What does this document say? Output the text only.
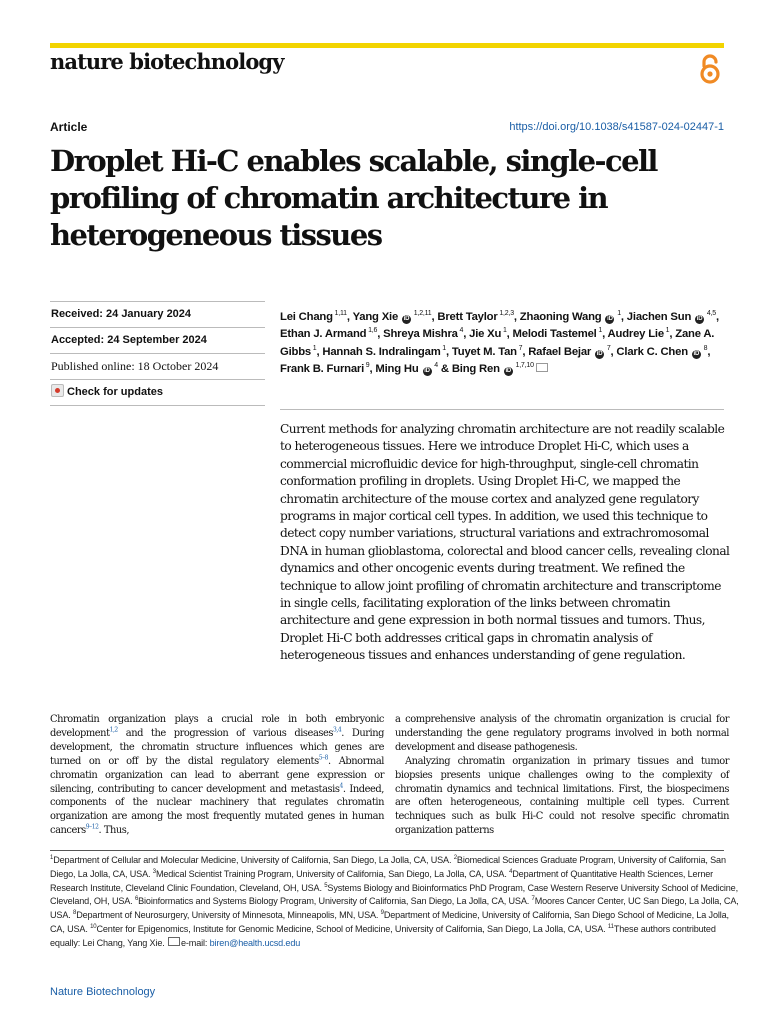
nature biotechnology
Article	https://doi.org/10.1038/s41587-024-02447-1
Droplet Hi-C enables scalable, single-cell profiling of chromatin architecture in heterogeneous tissues
Received: 24 January 2024
Accepted: 24 September 2024
Published online: 18 October 2024
Check for updates
Lei Chang $^{1,11}$, Yang Xie iD $^{1,2,11}$, Brett Taylor $^{1,2,3}$, Zhaoning Wang iD $^1$, Jiachen Sun iD $^{4,5}$, Ethan J. Armand $^{1,6}$, Shreya Mishra $^4$, Jie Xu $^1$, Melodi Tastemel $^1$, Audrey Lie $^1$, Zane A. Gibbs $^1$, Hannah S. Indralingam $^1$, Tuyet M. Tan $^7$, Rafael Bejar iD $^7$, Clark C. Chen iD $^8$, Frank B. Furnari $^9$, Ming Hu iD $^4$ & Bing Ren iD $^{1,7,10}$

Current methods for analyzing chromatin architecture are not readily scalable to heterogeneous tissues. Here we introduce Droplet Hi-C, which uses a commercial microfluidic device for high-throughput, single-cell chromatin conformation profiling in droplets. Using Droplet Hi-C, we mapped the chromatin architecture of the mouse cortex and analyzed gene regulatory programs in major cortical cell types. In addition, we used this technique to detect copy number variations, structural variations and extrachromosomal DNA in human glioblastoma, colorectal and blood cancer cells, revealing clonal dynamics and other oncogenic events during treatment. We refined the technique to allow joint profiling of chromatin architecture and transcriptome in single cells, facilitating exploration of the links between chromatin architecture and gene expression in both normal tissues and tumors. Thus, Droplet Hi-C both addresses critical gaps in chromatin analysis of heterogeneous tissues and enhances understanding of gene regulation.

Chromatin organization plays a crucial role in both embryonic development$^{1,2}$ and the progression of various diseases$^{3,4}$. During development, the chromatin structure influences which genes are turned on or off by the distal regulatory elements$^{5-8}$. Abnormal chromatin organization can lead to aberrant gene expression or silencing, contributing to cancer development and metastasis$^4$. Indeed, components of the nuclear machinery that regulates chromatin organization are among the most frequently mutated genes in human cancers$^{9-12}$. Thus,

a comprehensive analysis of the chromatin organization is crucial for understanding the gene regulatory programs involved in both normal development and disease pathogenesis.

Analyzing chromatin organization in primary tissues and tumor biopsies presents unique challenges owing to the complexity of chromatin dynamics and technical limitations. First, the biospecimens are often heterogeneous, containing multiple cell types. Current techniques such as bulk Hi-C could not resolve specific chromatin organization patterns

$^1$Department of Cellular and Molecular Medicine, University of California, San Diego, La Jolla, CA, USA. $^2$Biomedical Sciences Graduate Program, University of California, San Diego, La Jolla, CA, USA. $^3$Medical Scientist Training Program, University of California, San Diego, La Jolla, CA, USA. $^4$Department of Quantitative Health Sciences, Lerner Research Institute, Cleveland Clinic Foundation, Cleveland, OH, USA. $^5$Systems Biology and Bioinformatics PhD Program, Case Western Reserve University School of Medicine, Cleveland, OH, USA. $^6$Bioinformatics and Systems Biology Program, University of California, San Diego, La Jolla, CA, USA. $^7$Moores Cancer Center, UC San Diego, La Jolla, CA, USA. $^8$Department of Neurosurgery, University of Minnesota, Minneapolis, MN, USA. $^9$Department of Medicine, University of California, San Diego School of Medicine, La Jolla, CA, USA. $^{10}$Center for Epigenomics, Institute for Genomic Medicine, School of Medicine, University of California, San Diego, La Jolla, CA, USA. $^{11}$These authors contributed equally: Lei Chang, Yang Xie. e-mail: biren@health.ucsd.edu

Nature Biotechnology
